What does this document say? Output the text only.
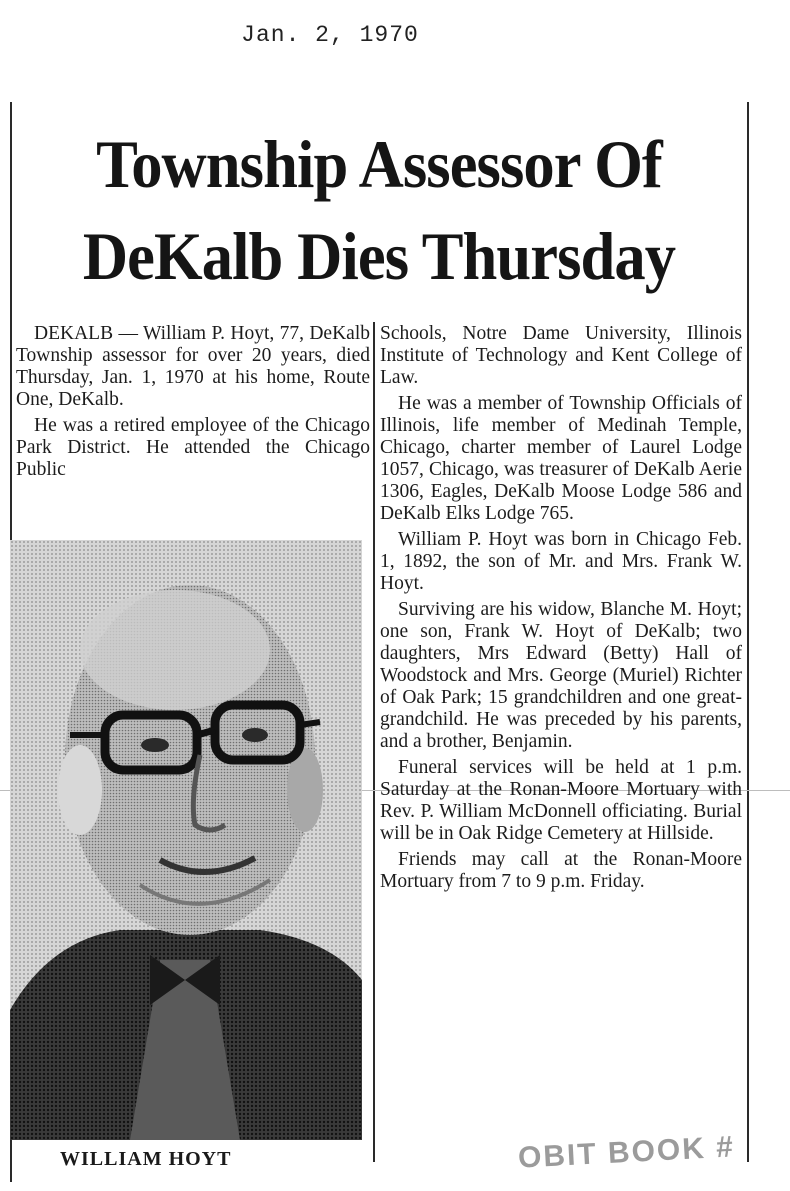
Jan. 2, 1970
Township Assessor Of
DeKalb Dies Thursday

DEKALB — William P. Hoyt, 77, DeKalb Township assessor for over 20 years, died Thursday, Jan. 1, 1970 at his home, Route One, DeKalb.

He was a retired employee of the Chicago Park District. He attended the Chicago Public

WILLIAM HOYT

Schools, Notre Dame University, Illinois Institute of Technology and Kent College of Law.

He was a member of Township Officials of Illinois, life member of Medinah Temple, Chicago, charter member of Laurel Lodge 1057, Chicago, was treasurer of DeKalb Aerie 1306, Eagles, DeKalb Moose Lodge 586 and DeKalb Elks Lodge 765.

William P. Hoyt was born in Chicago Feb. 1, 1892, the son of Mr. and Mrs. Frank W. Hoyt.

Surviving are his widow, Blanche M. Hoyt; one son, Frank W. Hoyt of DeKalb; two daughters, Mrs Edward (Betty) Hall of Woodstock and Mrs. George (Muriel) Richter of Oak Park; 15 grandchildren and one great-grandchild. He was preceded by his parents, and a brother, Benjamin.

Funeral services will be held at 1 p.m. Saturday at the Ronan-Moore Mortuary with Rev. P. William McDonnell officiating. Burial will be in Oak Ridge Cemetery at Hillside.

Friends may call at the Ronan-Moore Mortuary from 7 to 9 p.m. Friday.

OBIT BOOK #
